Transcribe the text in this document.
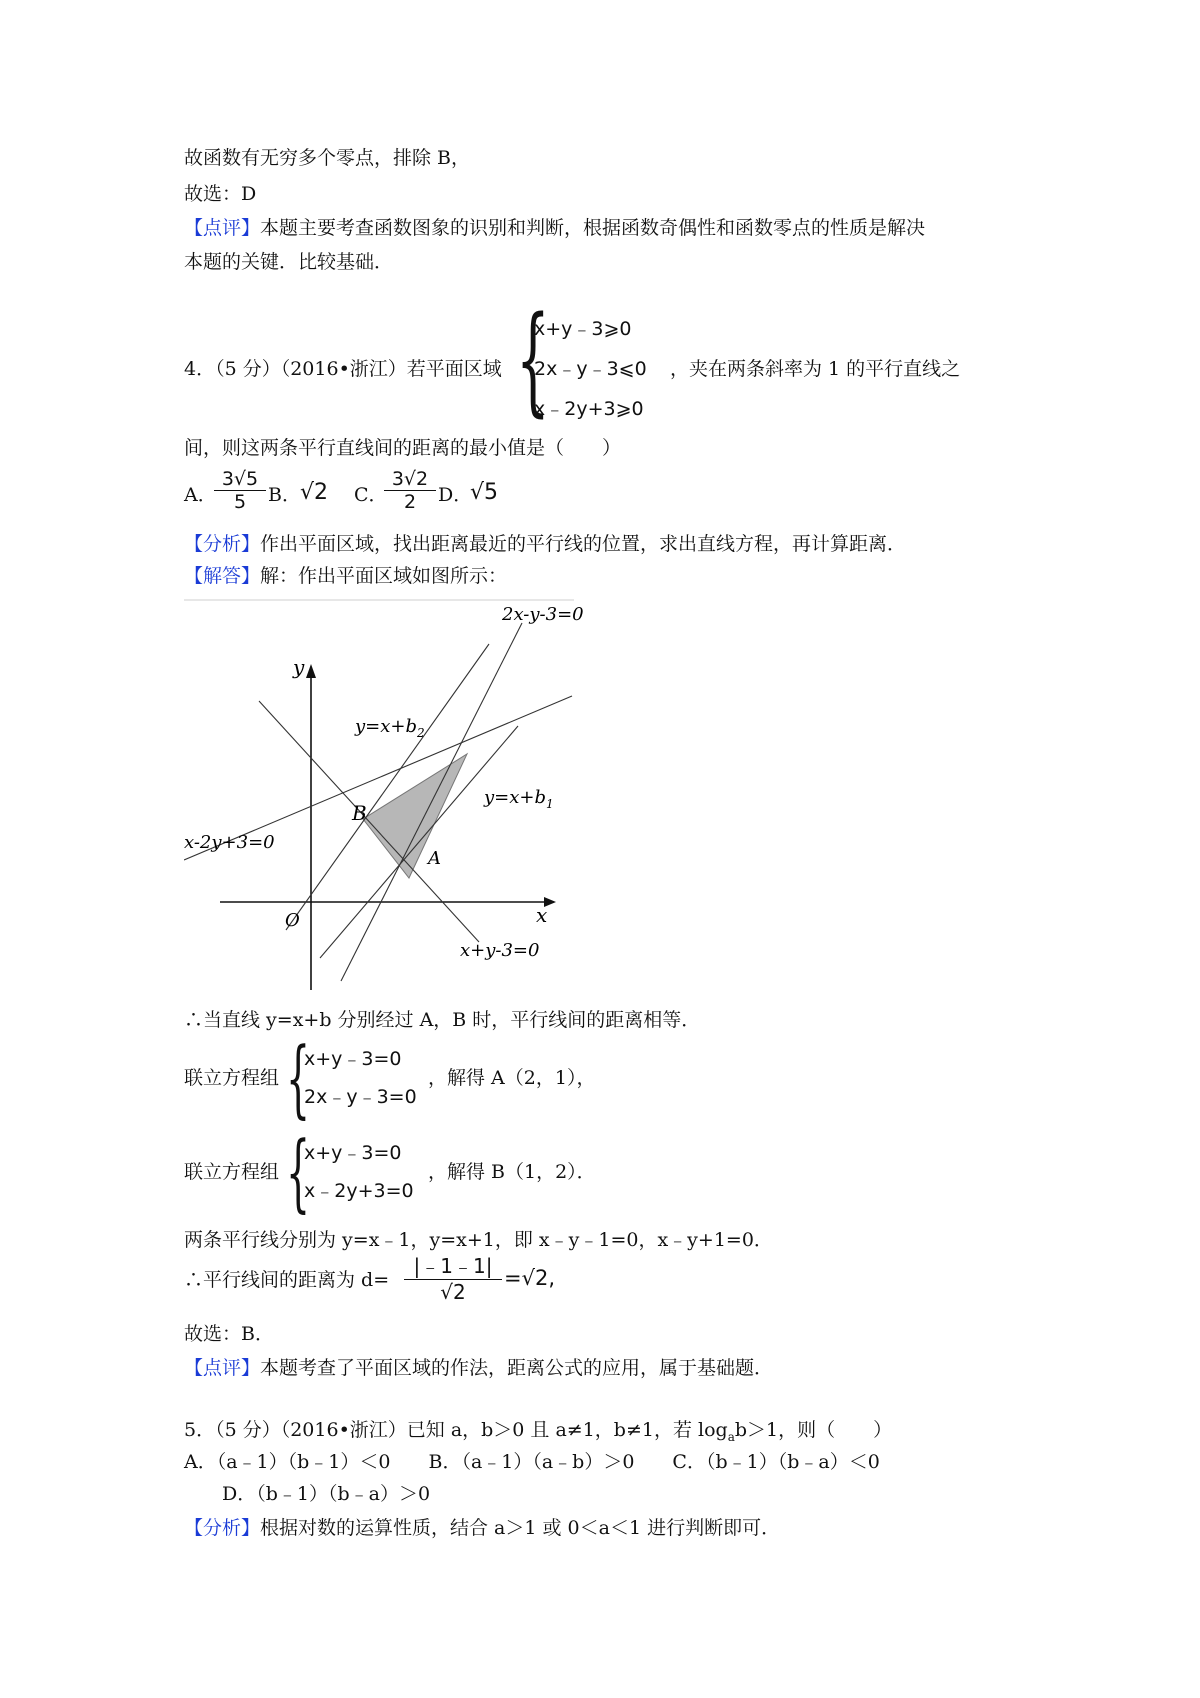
故函数有无穷多个零点，排除 B，
故选：D
【点评】本题主要考查函数图象的识别和判断，根据函数奇偶性和函数零点的性质是解决
本题的关键．比较基础．
4．（5 分）（2016•浙江）若平面区域 {
x+y﹣3⩾0
2x﹣y﹣3⩽0
x﹣2y+3⩾0
，夹在两条斜率为 1 的平行直线之
间，则这两条平行直线间的距离的最小值是（　　）
A．
$\frac{3√5}{5}$ B． √2 C．
$\frac{3√2}{2}$ D．
√5
【分析】作出平面区域，找出距离最近的平行线的位置，求出直线方程，再计算距离．
【解答】解：作出平面区域如图所示：
2x-y-3=0
y
$y=x+b_2$
B
$y=x+b_1$
x-2y+3=0
A
O	x
x+y-3=0
∴当直线 y=x+b 分别经过 A，B 时，平行线间的距离相等．
联立方程组 {
x+y﹣3=0
2x﹣y﹣3=0
，解得 A（2，1），
联立方程组 {
x+y﹣3=0
x﹣2y+3=0
，解得 B（1，2）．
两条平行线分别为 y=x﹣1，y=x+1，即 x﹣y﹣1=0，x﹣y+1=0．
∴平行线间的距离为 $d= \frac{|﹣1﹣1|}{√2} =√2$,
故选：B．
【点评】本题考查了平面区域的作法，距离公式的应用，属于基础题．
5．（5 分）（2016•浙江）已知 a，b＞0 且 a≠1，b≠1，若 $\log_ab>1$，则（　　）
A．（a﹣1）（b﹣1）＜0　　B．（a﹣1）（a﹣b）＞0　　C．（b﹣1）（b﹣a）＜0
D．（b﹣1）（b﹣a）＞0
【分析】根据对数的运算性质，结合 a＞1 或 0＜a＜1 进行判断即可．
